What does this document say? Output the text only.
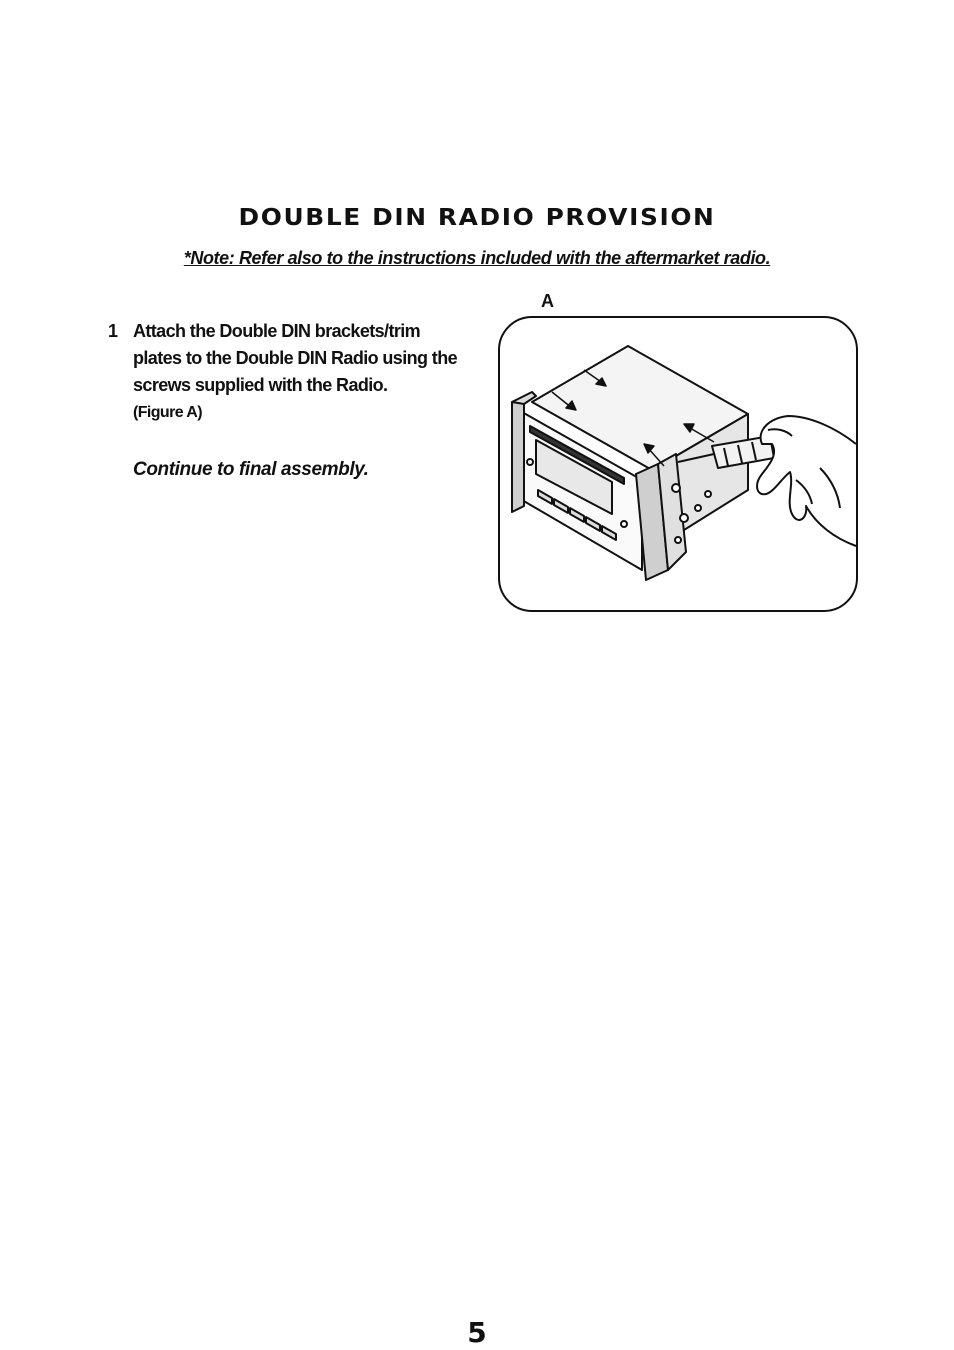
DOUBLE DIN RADIO PROVISION
*Note: Refer also to the instructions included with the aftermarket radio.
1 Attach the Double DIN brackets/trim plates to the Double DIN Radio using the screws supplied with the Radio.
(Figure A)
Continue to final assembly.
A
5
